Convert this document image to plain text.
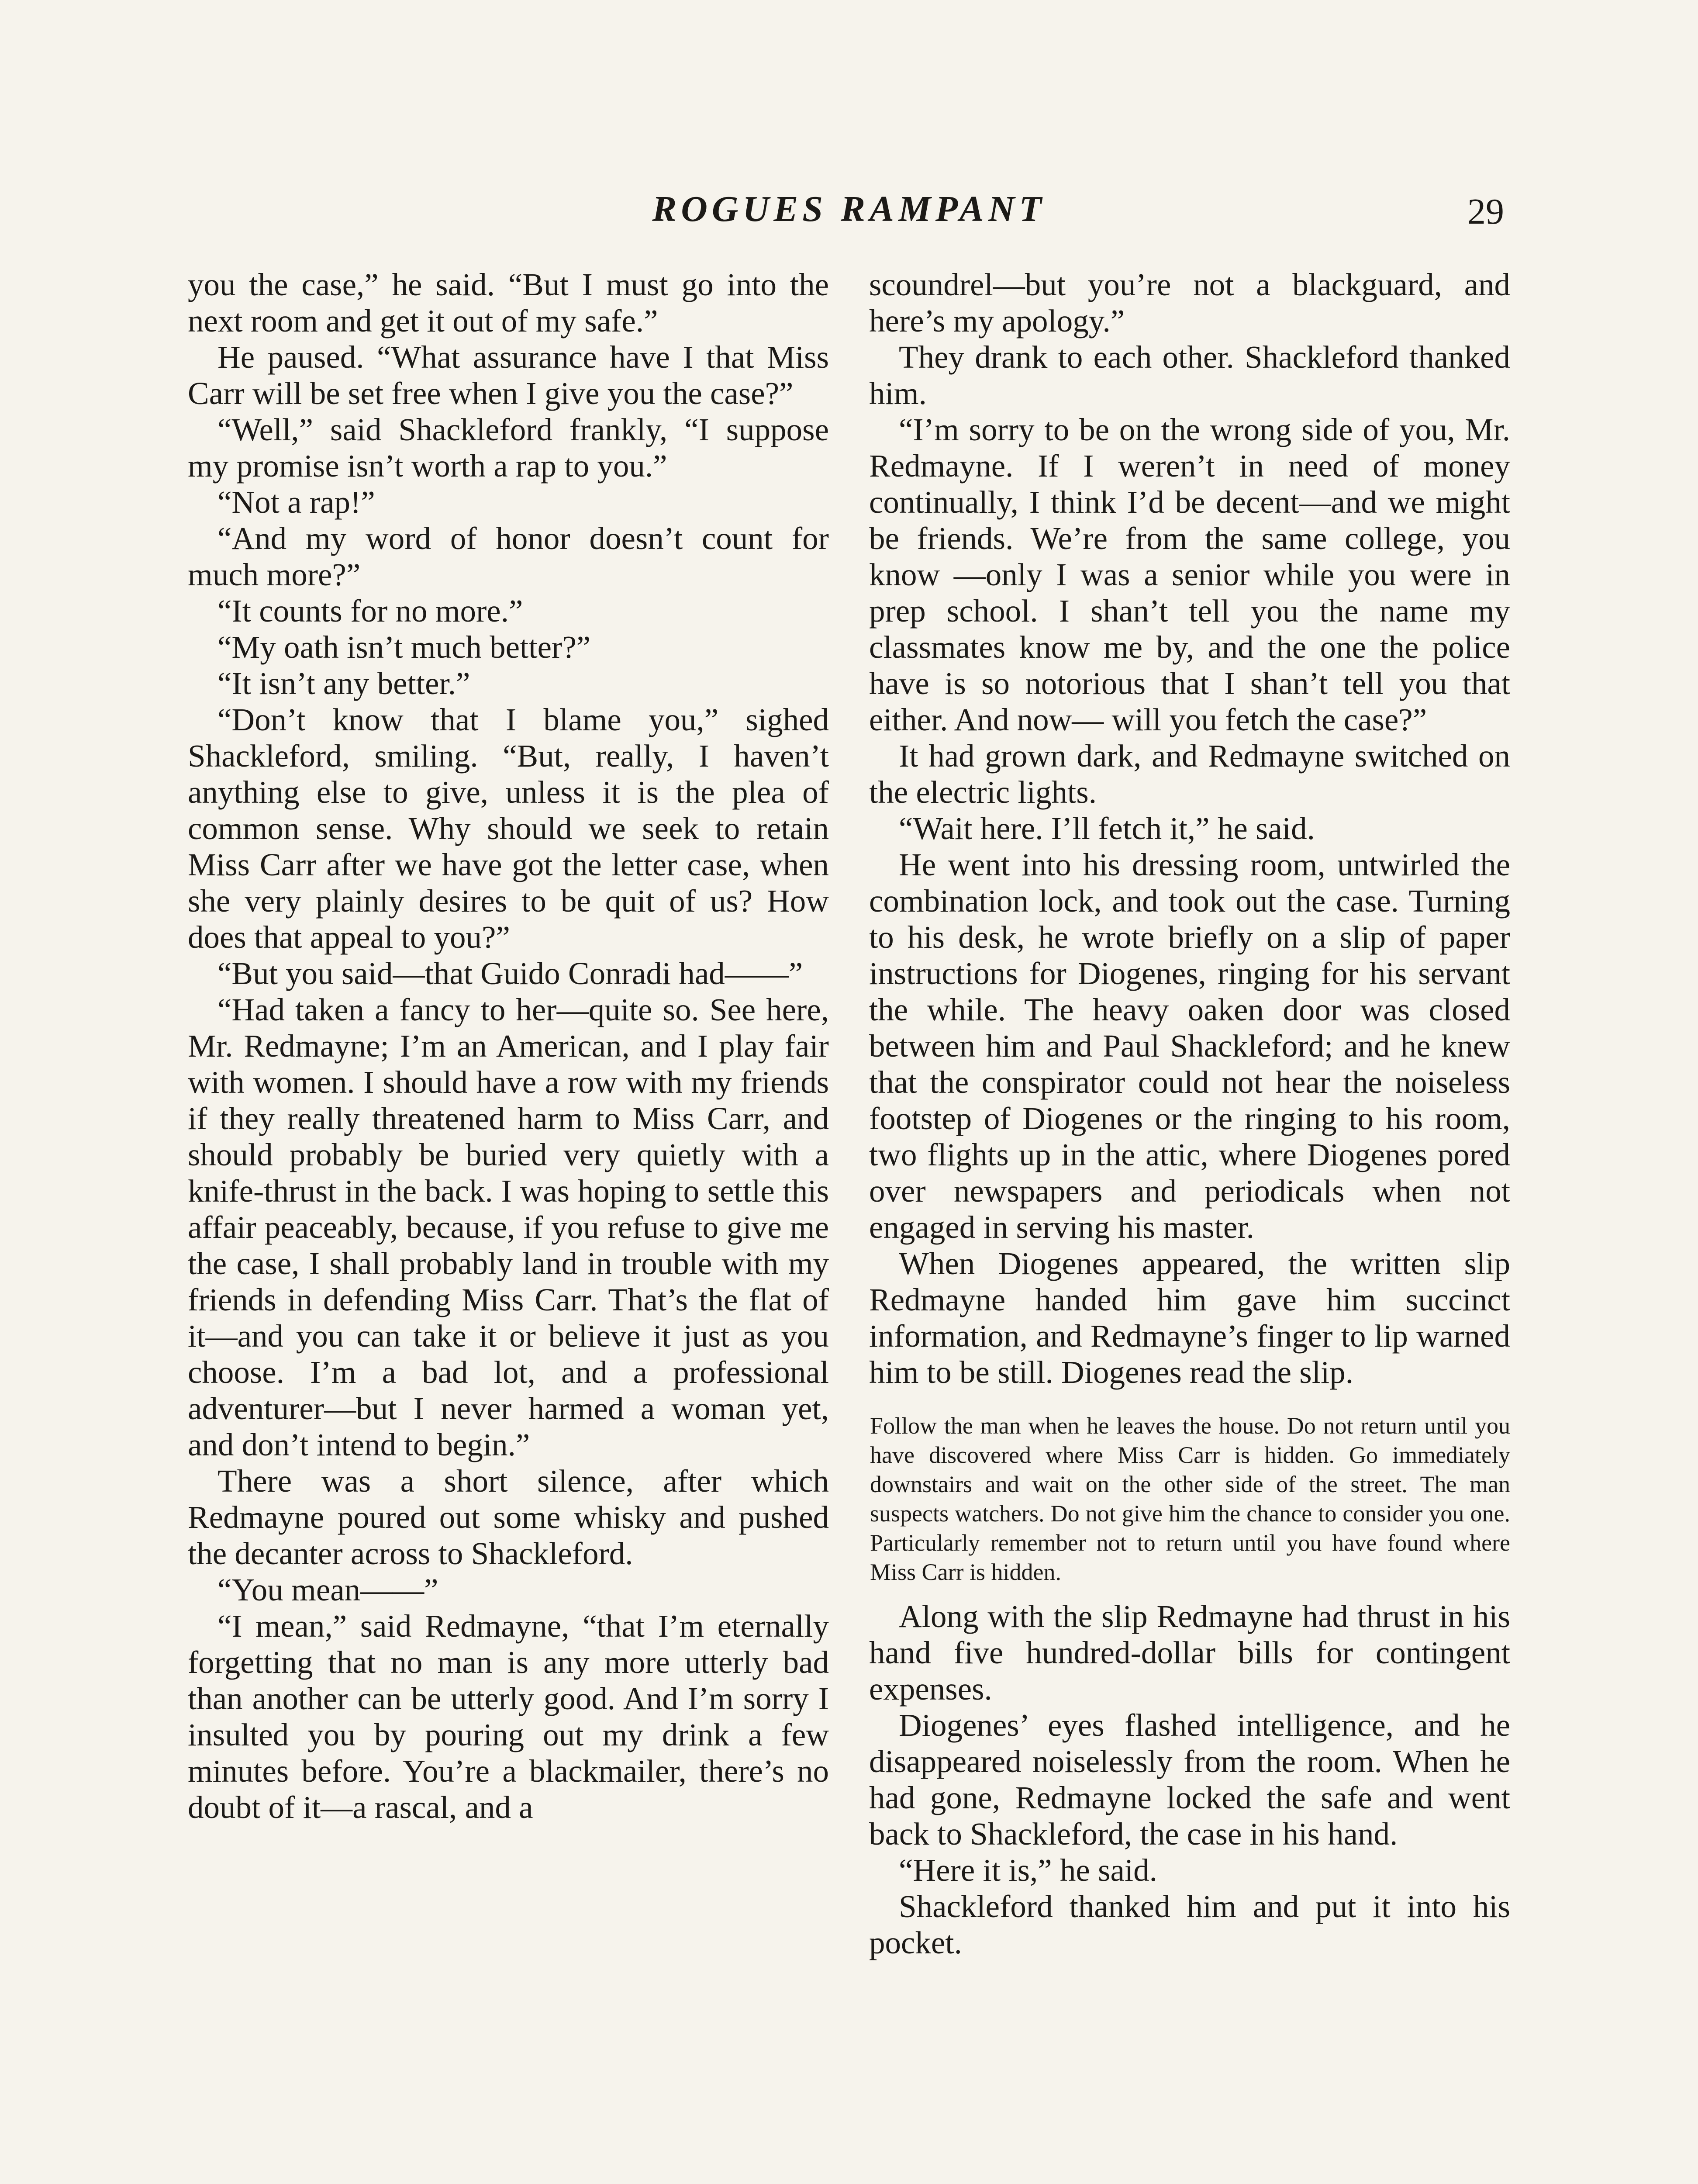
ROGUES RAMPANT	29

you the case,” he said. “But I must go into the next room and get it out of my safe.”

He paused. “What assurance have I that Miss Carr will be set free when I give you the case?”

“Well,” said Shackleford frankly, “I suppose my promise isn’t worth a rap to you.”

“Not a rap!”

“And my word of honor doesn’t count for much more?”

“It counts for no more.”

“My oath isn’t much better?”

“It isn’t any better.”

“Don’t know that I blame you,” sighed Shackleford, smiling. “But, really, I haven’t anything else to give, unless it is the plea of common sense. Why should we seek to retain Miss Carr after we have got the letter case, when she very plainly desires to be quit of us? How does that appeal to you?”

“But you said—that Guido Conradi had——”

“Had taken a fancy to her—quite so. See here, Mr. Redmayne; I’m an American, and I play fair with women. I should have a row with my friends if they really threatened harm to Miss Carr, and should probably be buried very quietly with a knife-thrust in the back. I was hoping to settle this affair peaceably, because, if you refuse to give me the case, I shall probably land in trouble with my friends in defending Miss Carr. That’s the flat of it—and you can take it or believe it just as you choose. I’m a bad lot, and a professional adventurer—but I never harmed a woman yet, and don’t intend to begin.”

There was a short silence, after which Redmayne poured out some whisky and pushed the decanter across to Shackleford.

“You mean——”

“I mean,” said Redmayne, “that I’m eternally forgetting that no man is any more utterly bad than another can be utterly good. And I’m sorry I insulted you by pouring out my drink a few minutes before. You’re a blackmailer, there’s no doubt of it—a rascal, and a

scoundrel—but you’re not a blackguard, and here’s my apology.”

They drank to each other. Shackleford thanked him.

“I’m sorry to be on the wrong side of you, Mr. Redmayne. If I weren’t in need of money continually, I think I’d be decent—and we might be friends. We’re from the same college, you know —only I was a senior while you were in prep school. I shan’t tell you the name my classmates know me by, and the one the police have is so notorious that I shan’t tell you that either. And now— will you fetch the case?”

It had grown dark, and Redmayne switched on the electric lights.

“Wait here. I’ll fetch it,” he said.

He went into his dressing room, untwirled the combination lock, and took out the case. Turning to his desk, he wrote briefly on a slip of paper instructions for Diogenes, ringing for his servant the while. The heavy oaken door was closed between him and Paul Shackleford; and he knew that the conspirator could not hear the noiseless footstep of Diogenes or the ringing to his room, two flights up in the attic, where Diogenes pored over newspapers and periodicals when not engaged in serving his master.

When Diogenes appeared, the written slip Redmayne handed him gave him succinct information, and Redmayne’s finger to lip warned him to be still. Diogenes read the slip.

Follow the man when he leaves the house. Do not return until you have discovered where Miss Carr is hidden. Go immediately downstairs and wait on the other side of the street. The man suspects watchers. Do not give him the chance to consider you one. Particularly remember not to return until you have found where Miss Carr is hidden.

Along with the slip Redmayne had thrust in his hand five hundred-dollar bills for contingent expenses.

Diogenes’ eyes flashed intelligence, and he disappeared noiselessly from the room. When he had gone, Redmayne locked the safe and went back to Shackleford, the case in his hand.

“Here it is,” he said.

Shackleford thanked him and put it into his pocket.
